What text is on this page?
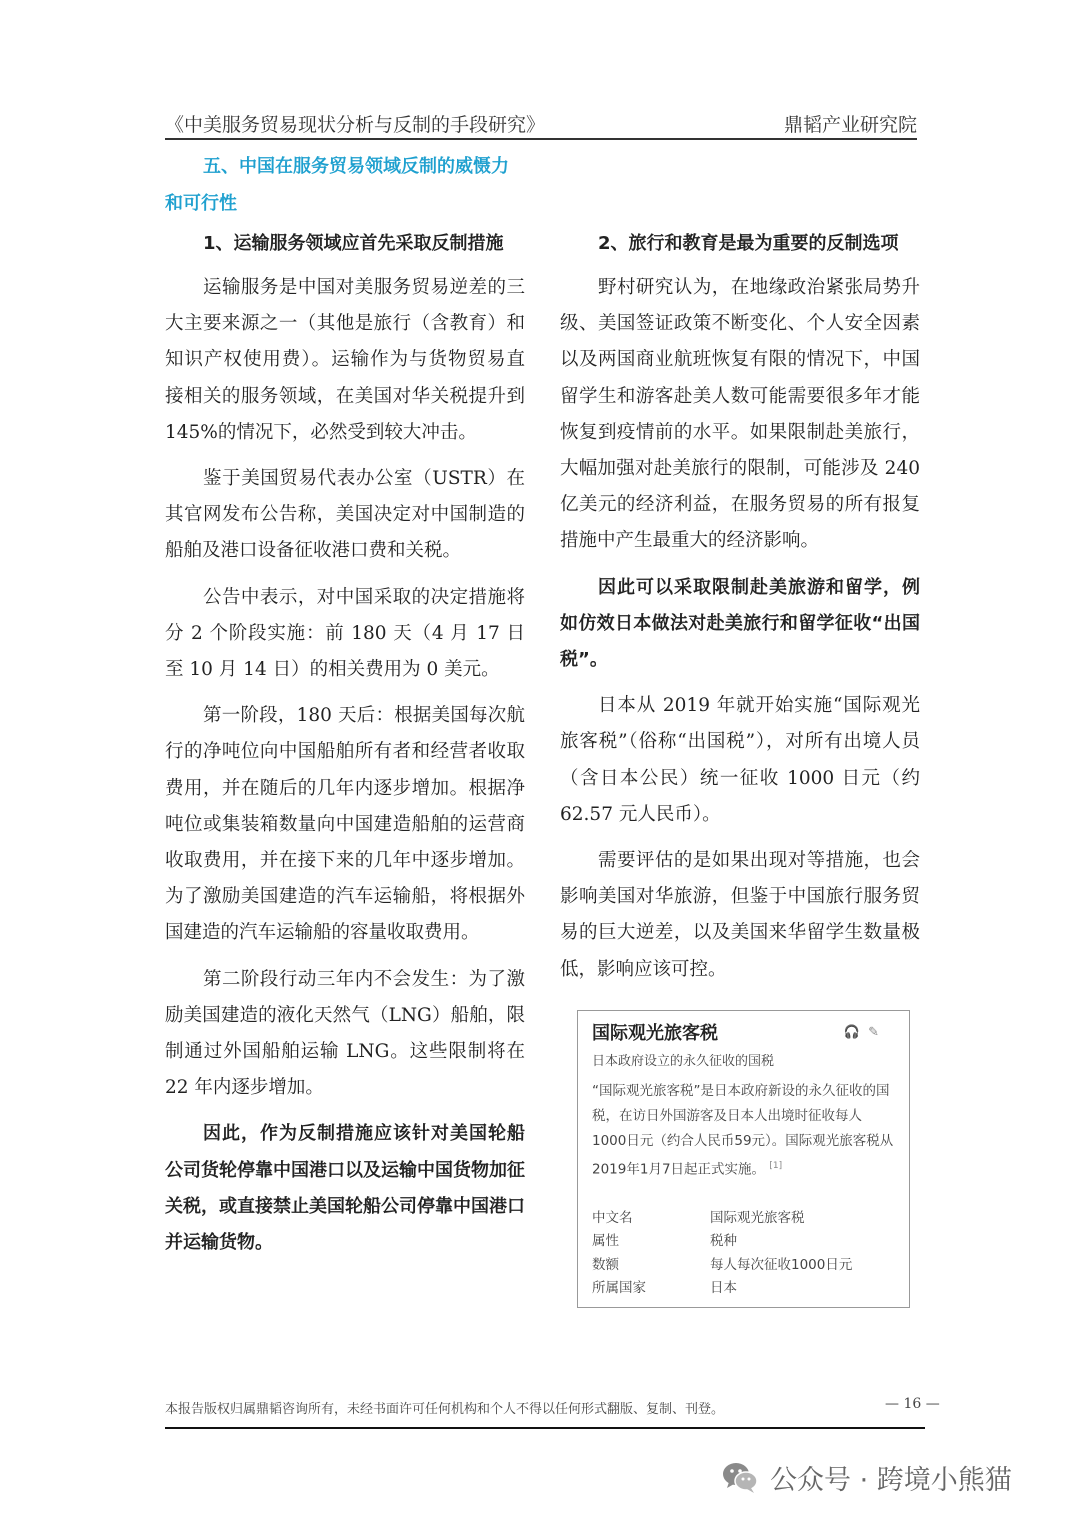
《中美服务贸易现状分析与反制的手段研究》	鼎韬产业研究院
五、中国在服务贸易领域反制的威慑力
和可行性
1、运输服务领域应首先采取反制措施

运输服务是中国对美服务贸易逆差的三大主要来源之一（其他是旅行（含教育）和知识产权使用费）。运输作为与货物贸易直接相关的服务领域，在美国对华关税提升到 145%的情况下，必然受到较大冲击。

鉴于美国贸易代表办公室（USTR）在其官网发布公告称，美国决定对中国制造的船舶及港口设备征收港口费和关税。

公告中表示，对中国采取的决定措施将分 2 个阶段实施：前 180 天（4 月 17 日至 10 月 14 日）的相关费用为 0 美元。

第一阶段，180 天后：根据美国每次航行的净吨位向中国船舶所有者和经营者收取费用，并在随后的几年内逐步增加。根据净吨位或集装箱数量向中国建造船舶的运营商收取费用，并在接下来的几年中逐步增加。为了激励美国建造的汽车运输船，将根据外国建造的汽车运输船的容量收取费用。

第二阶段行动三年内不会发生：为了激励美国建造的液化天然气（LNG）船舶，限制通过外国船舶运输 LNG。这些限制将在 22 年内逐步增加。

因此，作为反制措施应该针对美国轮船公司货轮停靠中国港口以及运输中国货物加征关税，或直接禁止美国轮船公司停靠中国港口并运输货物。

2、旅行和教育是最为重要的反制选项

野村研究认为，在地缘政治紧张局势升级、美国签证政策不断变化、个人安全因素以及两国商业航班恢复有限的情况下，中国留学生和游客赴美人数可能需要很多年才能恢复到疫情前的水平。如果限制赴美旅行，大幅加强对赴美旅行的限制，可能涉及 240 亿美元的经济利益，在服务贸易的所有报复措施中产生最重大的经济影响。

因此可以采取限制赴美旅游和留学，例如仿效日本做法对赴美旅行和留学征收“出国税”。

日本从 2019 年就开始实施“国际观光旅客税”（俗称“出国税”），对所有出境人员（含日本公民）统一征收 1000 日元（约 62.57 元人民币）。

需要评估的是如果出现对等措施，也会影响美国对华旅游，但鉴于中国旅行服务贸易的巨大逆差，以及美国来华留学生数量极低，影响应该可控。

国际观光旅客税	🎧✎
日本政府设立的永久征收的国税
“国际观光旅客税”是日本政府新设的永久征收的国税，在访日外国游客及日本人出境时征收每人1000日元（约合人民币59元）。国际观光旅客税从2019年1月7日起正式实施。 [1]
中文名	国际观光旅客税
属性	税种
数额	每人每次征收1000日元
所属国家	日本
本报告版权归属鼎韬咨询所有，未经书面许可任何机构和个人不得以任何形式翻版、复制、刊登。	— 16 —
公众号 · 跨境小熊猫
